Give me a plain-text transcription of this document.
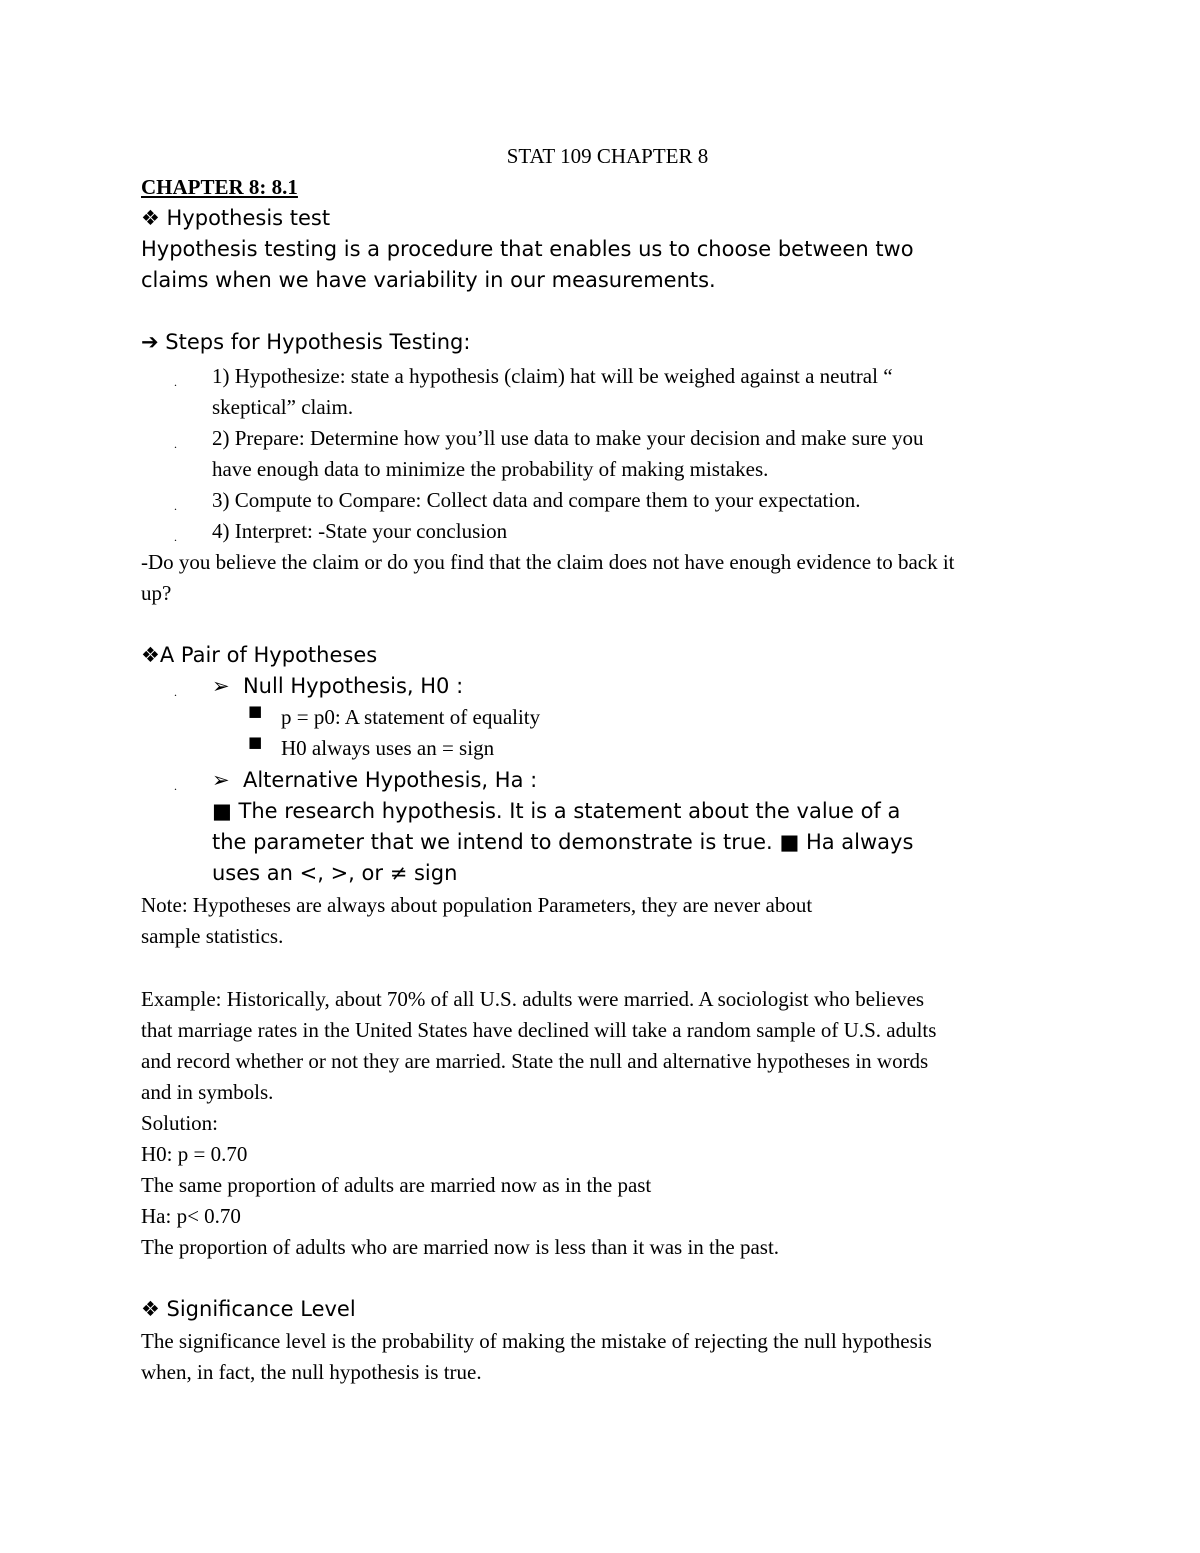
STAT 109 CHAPTER 8
CHAPTER 8: 8.1
❖ Hypothesis test
Hypothesis testing is a procedure that enables us to choose between two
claims when we have variability in our measurements.
➔ Steps for Hypothesis Testing:
. 1) Hypothesize: state a hypothesis (claim) hat will be weighed against a neutral “
skeptical” claim.
. 2) Prepare: Determine how you’ll use data to make your decision and make sure you
have enough data to minimize the probability of making mistakes.
. 3) Compute to Compare: Collect data and compare them to your expectation.
. 4) Interpret: -State your conclusion
-Do you believe the claim or do you find that the claim does not have enough evidence to back it
up?
❖A Pair of Hypotheses
. ➢ Null Hypothesis, H0 :
■ p = p0: A statement of equality
■ H0 always uses an = sign
. ➢ Alternative Hypothesis, Ha :
■ The research hypothesis. It is a statement about the value of a
the parameter that we intend to demonstrate is true. ■ Ha always
uses an <, >, or ≠ sign
Note: Hypotheses are always about population Parameters, they are never about
sample statistics.
Example: Historically, about 70% of all U.S. adults were married. A sociologist who believes
that marriage rates in the United States have declined will take a random sample of U.S. adults
and record whether or not they are married. State the null and alternative hypotheses in words
and in symbols.
Solution:
H0: p = 0.70
The same proportion of adults are married now as in the past
Ha: p< 0.70
The proportion of adults who are married now is less than it was in the past.
❖ Significance Level
The significance level is the probability of making the mistake of rejecting the null hypothesis
when, in fact, the null hypothesis is true.
